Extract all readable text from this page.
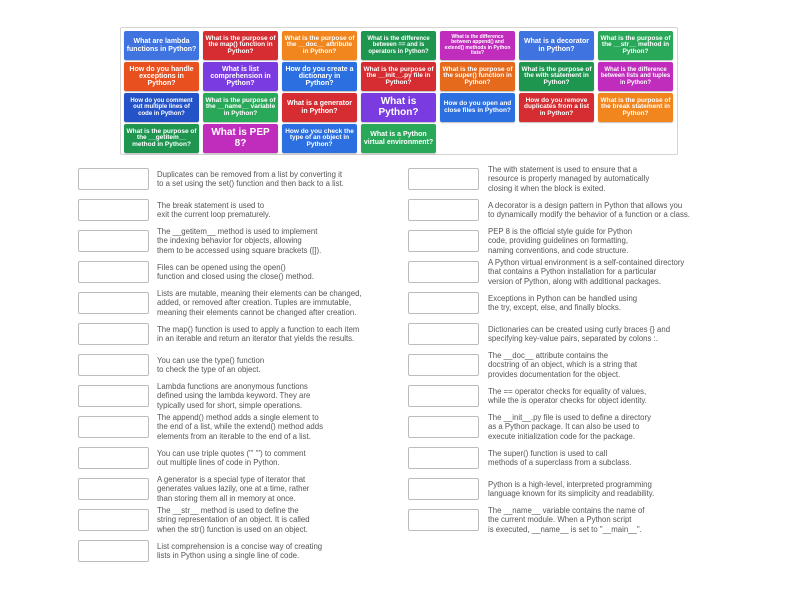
What are lambda functions in Python?
What is the purpose of the map() function in Python?
What is the purpose of the __doc__ attribute in Python?
What is the difference between == and is operators in Python?
What is the difference between append() and extend() methods in Python lists?
What is a decorator in Python?
What is the purpose of the __str__ method in Python?
How do you handle exceptions in Python?
What is list comprehension in Python?
How do you create a dictionary in Python?
What is the purpose of the __init__.py file in Python?
What is the purpose of the super() function in Python?
What is the purpose of the with statement in Python?
What is the difference between lists and tuples in Python?
How do you comment out multiple lines of code in Python?
What is the purpose of the __name__ variable in Python?
What is a generator in Python?
What is Python?
How do you open and close files in Python?
How do you remove duplicates from a list in Python?
What is the purpose of the break statement in Python?
What is the purpose of the __getitem__ method in Python?
What is PEP 8?
How do you check the type of an object in Python?
What is a Python virtual environment?
Duplicates can be removed from a list by converting it
to a set using the set() function and then back to a list.
The break statement is used to
exit the current loop prematurely.
The __getitem__ method is used to implement
the indexing behavior for objects, allowing
them to be accessed using square brackets ([]).
Files can be opened using the open()
function and closed using the close() method.
Lists are mutable, meaning their elements can be changed,
added, or removed after creation. Tuples are immutable,
meaning their elements cannot be changed after creation.
The map() function is used to apply a function to each item
in an iterable and return an iterator that yields the results.
You can use the type() function
to check the type of an object.
Lambda functions are anonymous functions
defined using the lambda keyword. They are
typically used for short, simple operations.
The append() method adds a single element to
the end of a list, while the extend() method adds
elements from an iterable to the end of a list.
You can use triple quotes (''' ''') to comment
out multiple lines of code in Python.
A generator is a special type of iterator that
generates values lazily, one at a time, rather
than storing them all in memory at once.
The __str__ method is used to define the
string representation of an object. It is called
when the str() function is used on an object.
List comprehension is a concise way of creating
lists in Python using a single line of code.
The with statement is used to ensure that a
resource is properly managed by automatically
closing it when the block is exited.
A decorator is a design pattern in Python that allows you
to dynamically modify the behavior of a function or a class.
PEP 8 is the official style guide for Python
code, providing guidelines on formatting,
naming conventions, and code structure.
A Python virtual environment is a self-contained directory
that contains a Python installation for a particular
version of Python, along with additional packages.
Exceptions in Python can be handled using
the try, except, else, and finally blocks.
Dictionaries can be created using curly braces {} and
specifying key-value pairs, separated by colons :.
The __doc__ attribute contains the
docstring of an object, which is a string that
provides documentation for the object.
The == operator checks for equality of values,
while the is operator checks for object identity.
The __init__.py file is used to define a directory
as a Python package. It can also be used to
execute initialization code for the package.
The super() function is used to call
methods of a superclass from a subclass.
Python is a high-level, interpreted programming
language known for its simplicity and readability.
The __name__ variable contains the name of
the current module. When a Python script
is executed, __name__ is set to "__main__".
